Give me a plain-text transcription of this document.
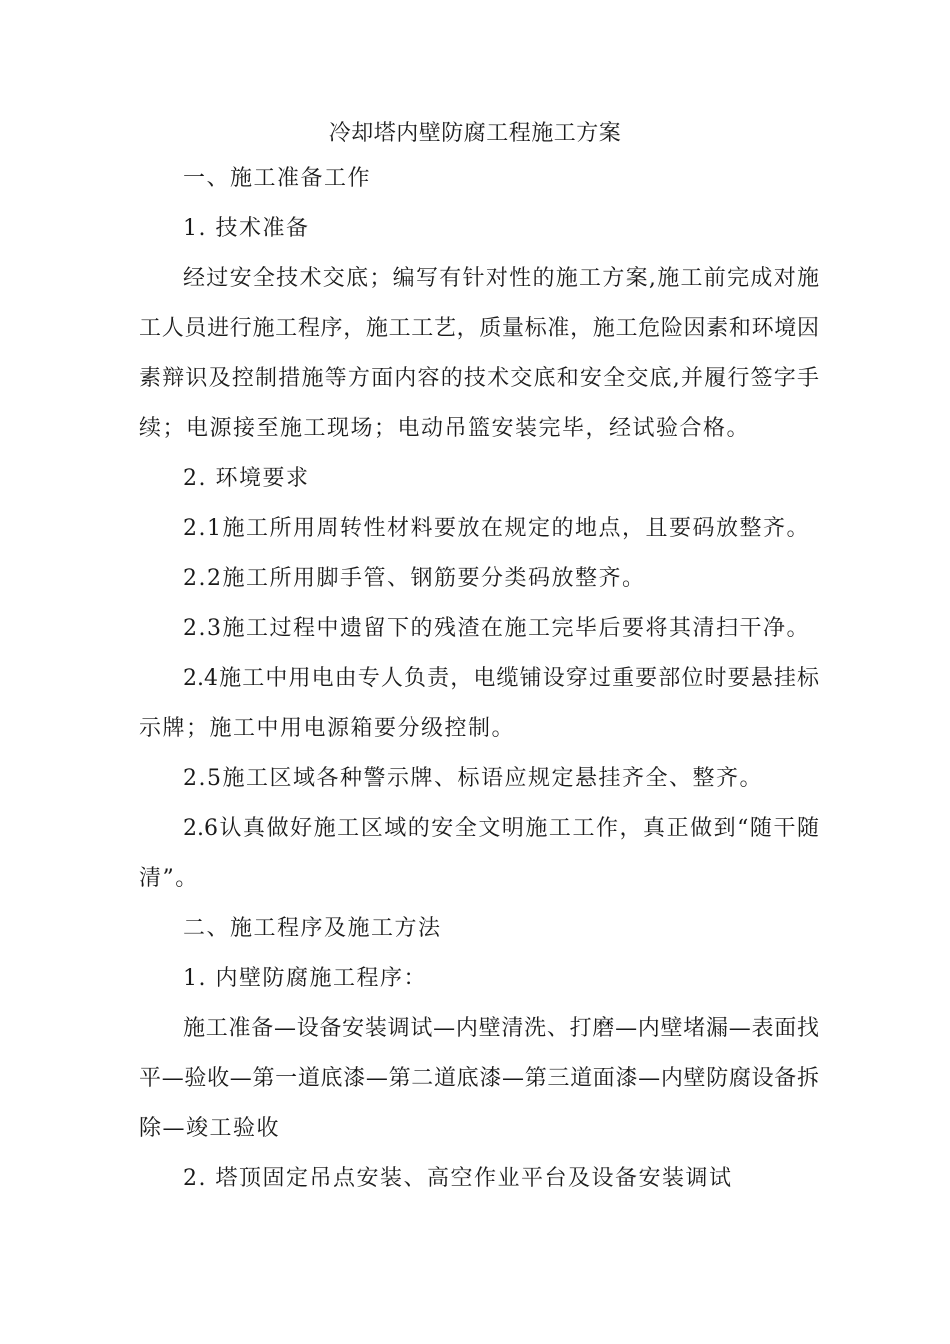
冷却塔内壁防腐工程施工方案
一、施工准备工作
1. 技术准备
经过安全技术交底；编写有针对性的施工方案,施工前完成对施
工人员进行施工程序，施工工艺，质量标准，施工危险因素和环境因
素辩识及控制措施等方面内容的技术交底和安全交底,并履行签字手
续；电源接至施工现场；电动吊篮安装完毕，经试验合格。
2. 环境要求
2.1施工所用周转性材料要放在规定的地点，且要码放整齐。
2.2施工所用脚手管、钢筋要分类码放整齐。
2.3施工过程中遗留下的残渣在施工完毕后要将其清扫干净。
2.4施工中用电由专人负责，电缆铺设穿过重要部位时要悬挂标
示牌；施工中用电源箱要分级控制。
2.5施工区域各种警示牌、标语应规定悬挂齐全、整齐。
2.6认真做好施工区域的安全文明施工工作，真正做到“随干随
清”。
二、施工程序及施工方法
1. 内壁防腐施工程序：
施工准备—设备安装调试—内壁清洗、打磨—内壁堵漏—表面找
平—验收—第一道底漆—第二道底漆—第三道面漆—内壁防腐设备拆
除—竣工验收
2. 塔顶固定吊点安装、高空作业平台及设备安装调试
